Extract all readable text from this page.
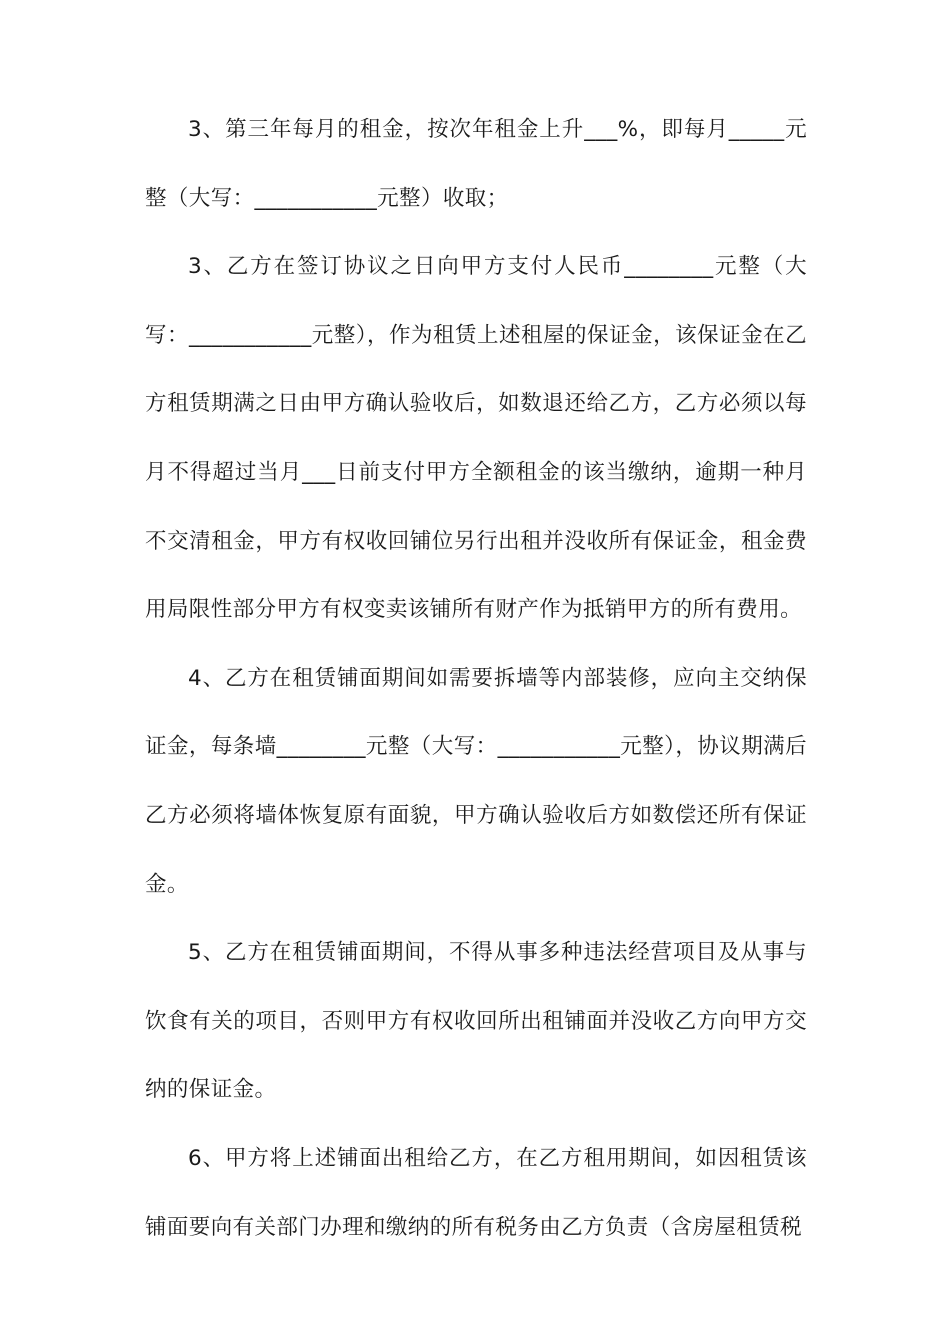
3、第三年每月的租金，按次年租金上升___%，即每月_____元整（大写：___________元整）收取；

3、乙方在签订协议之日向甲方支付人民币________元整（大写：___________元整），作为租赁上述租屋的保证金，该保证金在乙方租赁期满之日由甲方确认验收后，如数退还给乙方，乙方必须以每月不得超过当月___日前支付甲方全额租金的该当缴纳，逾期一种月不交清租金，甲方有权收回铺位另行出租并没收所有保证金，租金费用局限性部分甲方有权变卖该铺所有财产作为抵销甲方的所有费用。

4、乙方在租赁铺面期间如需要拆墙等内部装修，应向主交纳保证金，每条墙________元整（大写：___________元整），协议期满后乙方必须将墙体恢复原有面貌，甲方确认验收后方如数偿还所有保证金。

5、乙方在租赁铺面期间，不得从事多种违法经营项目及从事与饮食有关的项目，否则甲方有权收回所出租铺面并没收乙方向甲方交纳的保证金。

6、甲方将上述铺面出租给乙方，在乙方租用期间，如因租赁该铺面要向有关部门办理和缴纳的所有税务由乙方负责（含房屋租赁税
